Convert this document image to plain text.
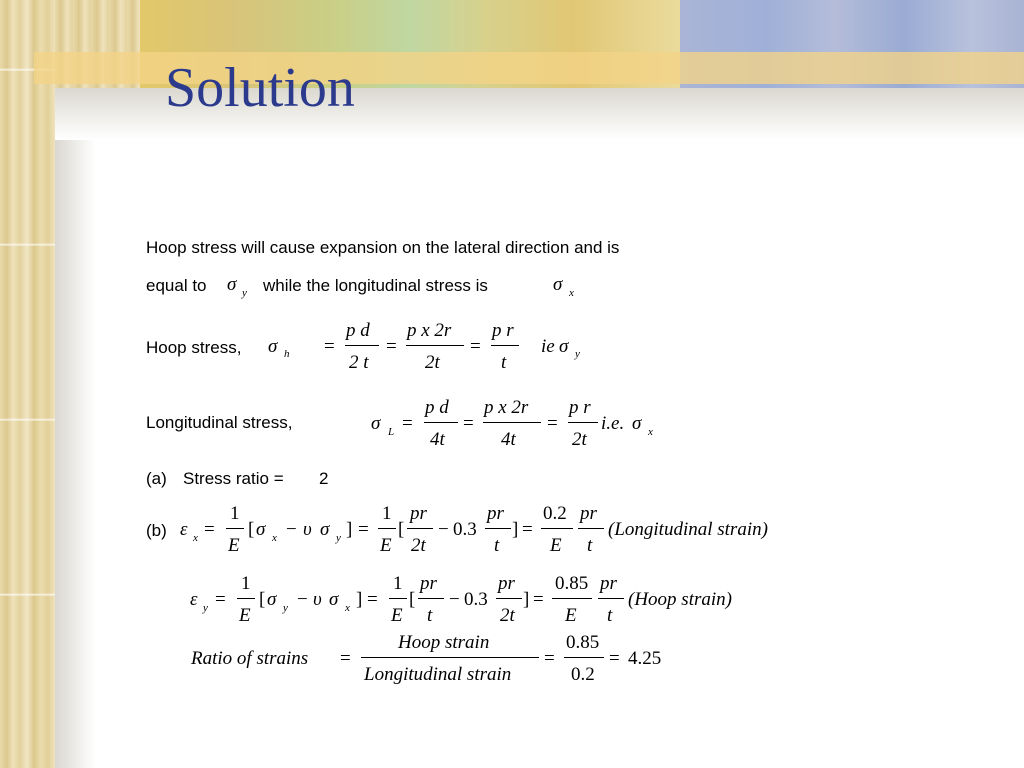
Solution
Hoop stress will cause expansion on the lateral direction and is
equal to σ y while the longitudinal stress is	σ x
Hoop stress, σ h =
p d
2 t
=
p x 2r
2t
=
p r
t
ie σ y
Longitudinal stress,	σ L =
p d
4t
=
p x 2r
4t
=
p r
2t
i.e. σ x
(a) Stress ratio = 2
(b) ε x =
1
E
[ σ x − υ σ y ] =
1
E
[
pr
2t
− 0.3
pr
t
] =
0.2
E
pr
t
(Longitudinal strain)
ε y =
1
E
[ σ y − υ σ x ] =
1
E
[
pr
t
− 0.3
pr
2t
] =
0.85
E
pr
t
(Hoop strain)
Ratio of strains =
Hoop strain
Longitudinal strain
=
0.85
0.2
= 4.25
